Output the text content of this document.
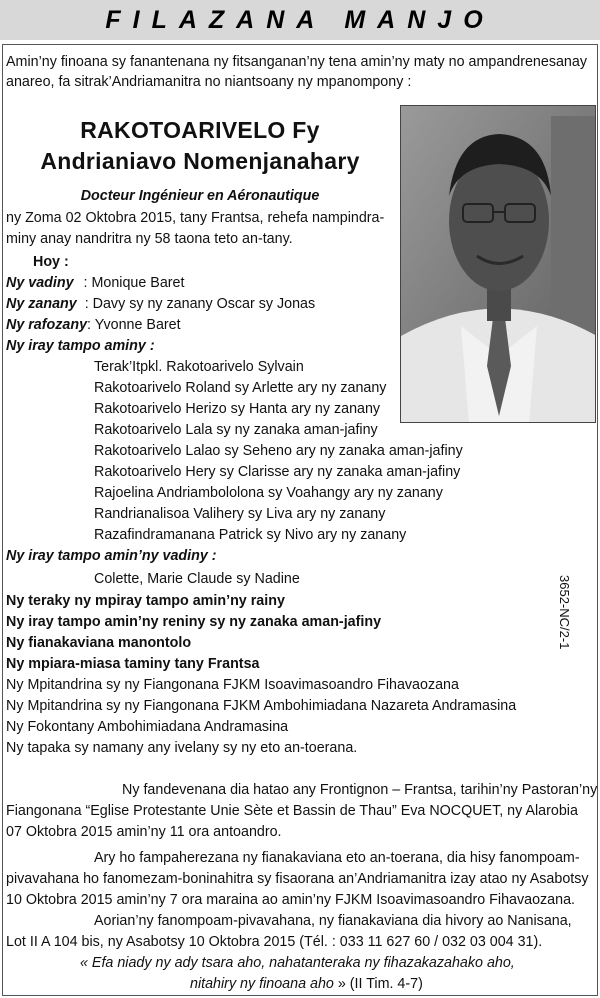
FILAZANA MANJO
Amin’ny finoana sy fanantenana ny fitsanganan’ny tena amin’ny maty no ampandrenesanay anareo, fa sitrak’Andriamanitra no niantsoany ny mpanompony :
RAKOTOARIVELO Fy
Andrianiavo Nomenjanahary
Docteur Ingénieur en Aéronautique
ny Zoma 02 Oktobra 2015, tany Frantsa, rehefa nampindra-
miny anay nandritra ny 58 taona teto an-tany.
Hoy :
Ny vadiny : Monique Baret
Ny zanany : Davy sy ny zanany Oscar sy Jonas
Ny rafozany: Yvonne Baret
Ny iray tampo aminy :
Terak’Itpkl. Rakotoarivelo Sylvain
Rakotoarivelo Roland sy Arlette ary ny zanany
Rakotoarivelo Herizo sy Hanta ary ny zanany
Rakotoarivelo Lala sy ny zanaka aman-jafiny
Rakotoarivelo Lalao sy Seheno ary ny zanaka aman-jafiny
Rakotoarivelo Hery sy Clarisse ary ny zanaka aman-jafiny
Rajoelina Andriambololona sy Voahangy ary ny zanany
Randrianalisoa Valihery sy Liva ary ny zanany
Razafindramanana Patrick sy Nivo ary ny zanany
Ny iray tampo amin’ny vadiny :
Colette, Marie Claude sy Nadine
Ny teraky ny mpiray tampo amin’ny rainy
Ny iray tampo amin’ny reniny sy ny zanaka aman-jafiny
Ny fianakaviana manontolo
Ny mpiara-miasa taminy tany Frantsa
Ny Mpitandrina sy ny Fiangonana FJKM Isoavimasoandro Fihavaozana
Ny Mpitandrina sy ny Fiangonana FJKM Ambohimiadana Nazareta Andramasina
Ny Fokontany Ambohimiadana Andramasina
Ny tapaka sy namany any ivelany sy ny eto an-toerana.
3652-NC/2-1
Ny fandevenana dia hatao any Frontignon – Frantsa, tarihin’ny Pastoran’ny
Fiangonana “Eglise Protestante Unie Sète et Bassin de Thau” Eva NOCQUET, ny Alarobia
07 Oktobra 2015 amin’ny 11 ora antoandro.
Ary ho fampaherezana ny fianakaviana eto an-toerana, dia hisy fanompoam-
pivavahana ho fanomezam-boninahitra sy fisaorana an’Andriamanitra izay atao ny Asabotsy
10 Oktobra 2015 amin’ny 7 ora maraina ao amin’ny FJKM Isoavimasoandro Fihavaozana.
Aorian’ny fanompoam-pivavahana, ny fianakaviana dia hivory ao Nanisana,
Lot II A 104 bis, ny Asabotsy 10 Oktobra 2015 (Tél. : 033 11 627 60 / 032 03 004 31).
« Efa niady ny ady tsara aho, nahatanteraka ny fihazakazahako aho,
nitahiry ny finoana aho » (II Tim. 4-7)
